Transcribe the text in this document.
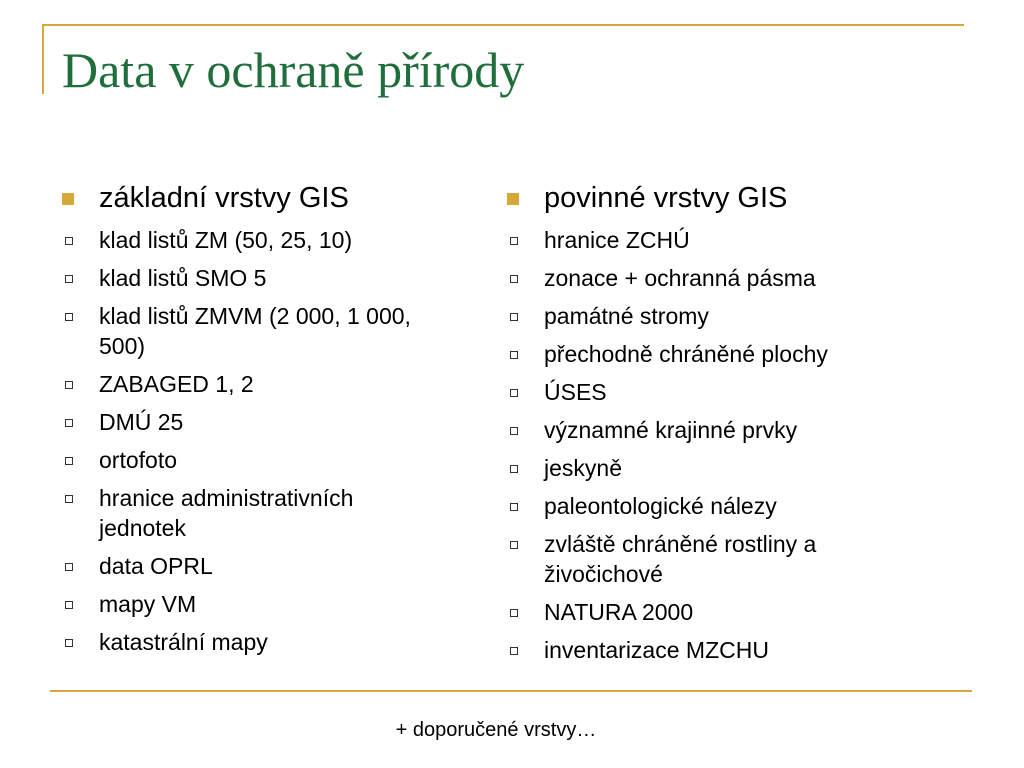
Data v ochraně přírody
základní vrstvy GIS
klad listů ZM (50, 25, 10)
klad listů SMO 5
klad listů ZMVM (2 000, 1 000, 500)
ZABAGED 1, 2
DMÚ 25
ortofoto
hranice administrativních jednotek
data OPRL
mapy VM
katastrální mapy
povinné vrstvy GIS
hranice ZCHÚ
zonace + ochranná pásma
památné stromy
přechodně chráněné plochy
ÚSES
významné krajinné prvky
jeskyně
paleontologické nálezy
zvláště chráněné rostliny a živočichové
NATURA 2000
inventarizace MZCHU
+ doporučené vrstvy…
